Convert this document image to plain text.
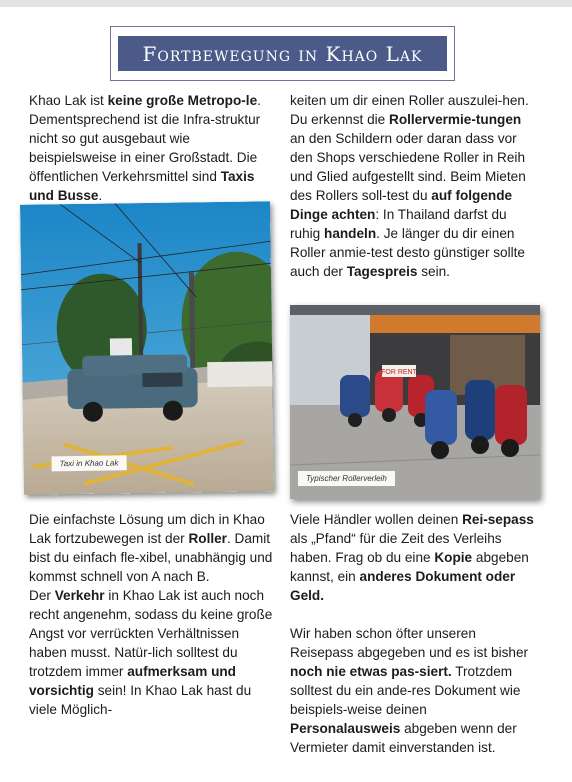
Fortbewegung in Khao Lak

Khao Lak ist keine große Metropo-le. Dementsprechend ist die Infra-struktur nicht so gut ausgebaut wie beispielsweise in einer Großstadt. Die öffentlichen Verkehrsmittel sind Taxis und Busse.

keiten um dir einen Roller auszulei-hen. Du erkennst die Rollervermie-tungen an den Schildern oder daran dass vor den Shops verschiedene Roller in Reih und Glied aufgestellt sind. Beim Mieten des Rollers soll-test du auf folgende Dinge achten: In Thailand darfst du ruhig handeln. Je länger du dir einen Roller anmie-test desto günstiger sollte auch der Tagespreis sein.

Taxi in Khao Lak
FOR RENT
Typischer Rollerverleih

Die einfachste Lösung um dich in Khao Lak fortzubewegen ist der Roller. Damit bist du einfach fle-xibel, unabhängig und kommst schnell von A nach B.
Der Verkehr in Khao Lak ist auch noch recht angenehm, sodass du keine große Angst vor verrückten Verhältnissen haben musst. Natür-lich solltest du trotzdem immer aufmerksam und vorsichtig sein! In Khao Lak hast du viele Möglich-

Viele Händler wollen deinen Rei-sepass als „Pfand“ für die Zeit des Verleihs haben. Frag ob du eine Kopie abgeben kannst, ein anderes Dokument oder Geld.

Wir haben schon öfter unseren Reisepass abgegeben und es ist bisher noch nie etwas pas-siert. Trotzdem solltest du ein ande-res Dokument wie beispiels-weise deinen Personalausweis abgeben wenn der Vermieter damit einverstanden ist.
